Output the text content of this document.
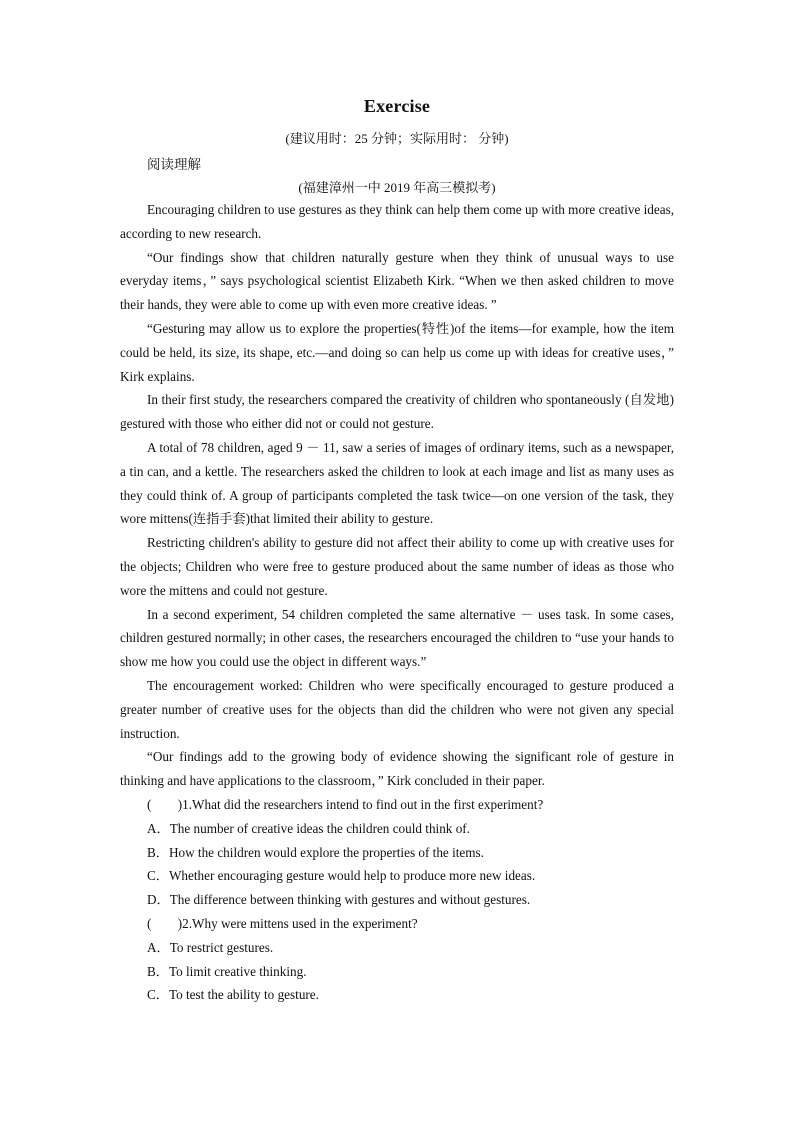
Exercise
(建议用时：25 分钟；实际用时： 分钟)
阅读理解
(福建漳州一中 2019 年高三模拟考)

Encouraging children to use gestures as they think can help them come up with more creative ideas, according to new research.

“Our findings show that children naturally gesture when they think of unusual ways to use everyday items，” says psychological scientist Elizabeth Kirk. “When we then asked children to move their hands, they were able to come up with even more creative ideas. ”

“Gesturing may allow us to explore the properties(特性)of the items—for example, how the item could be held, its size, its shape, etc.—and doing so can help us come up with ideas for creative uses，” Kirk explains.

In their first study, the researchers compared the creativity of children who spontaneously (自发地) gestured with those who either did not or could not gesture.

A total of 78 children, aged 9 － 11, saw a series of images of ordinary items, such as a newspaper, a tin can, and a kettle. The researchers asked the children to look at each image and list as many uses as they could think of. A group of participants completed the task twice—on one version of the task, they wore mittens(连指手套)that limited their ability to gesture.

Restricting children's ability to gesture did not affect their ability to come up with creative uses for the objects; Children who were free to gesture produced about the same number of ideas as those who wore the mittens and could not gesture.

In a second experiment, 54 children completed the same alternative － uses task. In some cases, children gestured normally; in other cases, the researchers encouraged the children to “use your hands to show me how you could use the object in different ways.”

The encouragement worked: Children who were specifically encouraged to gesture produced a greater number of creative uses for the objects than did the children who were not given any special instruction.

“Our findings add to the growing body of evidence showing the significant role of gesture in thinking and have applications to the classroom，” Kirk concluded in their paper.

(　　)1.What did the researchers intend to find out in the first experiment?

A．The number of creative ideas the children could think of.

B．How the children would explore the properties of the items.

C．Whether encouraging gesture would help to produce more new ideas.

D．The difference between thinking with gestures and without gestures.

(　　)2.Why were mittens used in the experiment?

A．To restrict gestures.

B．To limit creative thinking.

C．To test the ability to gesture.
